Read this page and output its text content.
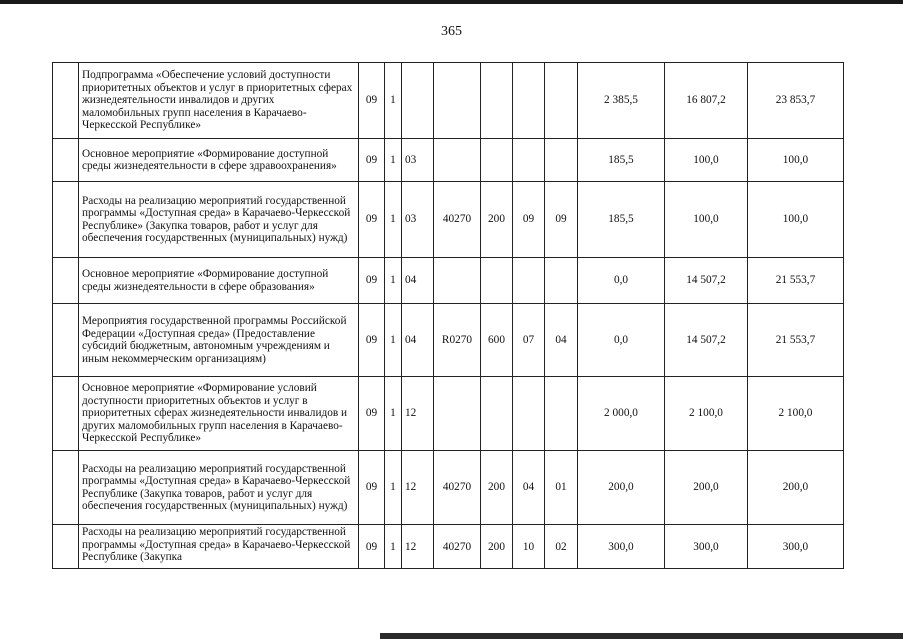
365
	Подпрограмма «Обеспечение условий доступности приоритетных объектов и услуг в приоритетных сферах жизнедеятельности инвалидов и других маломобильных групп населения в Карачаево-Черкесской Республике»	09	1						2 385,5	16 807,2	23 853,7
	Основное мероприятие «Формирование доступной среды жизнедеятельности в сфере здравоохранения»	09	1	03					185,5	100,0	100,0
	Расходы на реализацию мероприятий государственной программы «Доступная среда» в Карачаево-Черкесской Республике» (Закупка товаров, работ и услуг для обеспечения государственных (муниципальных) нужд)	09	1	03	40270	200	09	09	185,5	100,0	100,0
	Основное мероприятие «Формирование доступной среды жизнедеятельности в сфере образования»	09	1	04					0,0	14 507,2	21 553,7
	Мероприятия государственной программы Российской Федерации «Доступная среда» (Предоставление субсидий бюджетным, автономным учреждениям и иным некоммерческим организациям)	09	1	04	R0270	600	07	04	0,0	14 507,2	21 553,7
	Основное мероприятие «Формирование условий доступности приоритетных объектов и услуг в приоритетных сферах жизнедеятельности инвалидов и других маломобильных групп населения в Карачаево-Черкесской Республике»	09	1	12					2 000,0	2 100,0	2 100,0
	Расходы на реализацию мероприятий государственной программы «Доступная среда» в Карачаево-Черкесской Республике (Закупка товаров, работ и услуг для обеспечения государственных (муниципальных) нужд)	09	1	12	40270	200	04	01	200,0	200,0	200,0
	Расходы на реализацию мероприятий государственной программы «Доступная среда» в Карачаево-Черкесской Республике (Закупка	09	1	12	40270	200	10	02	300,0	300,0	300,0
